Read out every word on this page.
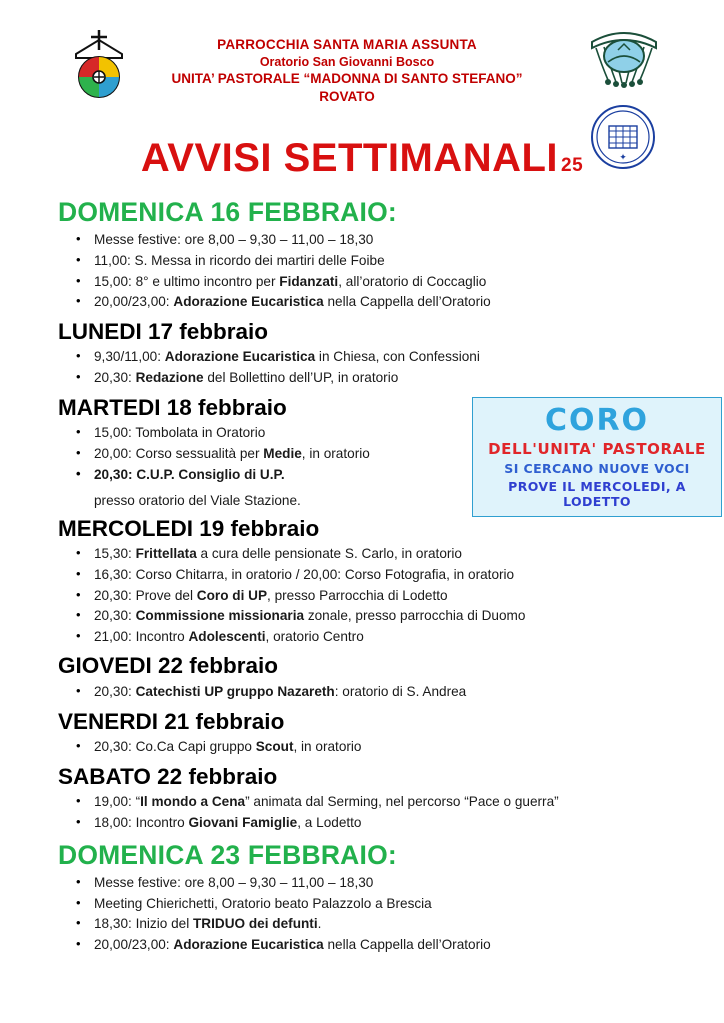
PARROCCHIA SANTA MARIA ASSUNTA
Oratorio San Giovanni Bosco
UNITA’ PASTORALE “MADONNA DI SANTO STEFANO”
ROVATO
✦
AVVISI SETTIMANALI 25
CORO
DELL'UNITA' PASTORALE
SI CERCANO NUOVE VOCI
PROVE IL MERCOLEDI, A LODETTO
DOMENICA 16 FEBBRAIO:
• Messe festive: ore 8,00 – 9,30 – 11,00 – 18,30
• 11,00: S. Messa in ricordo dei martiri delle Foibe
• 15,00: 8° e ultimo incontro per Fidanzati, all’oratorio di Coccaglio
• 20,00/23,00: Adorazione Eucaristica nella Cappella dell’Oratorio
LUNEDI 17 febbraio
• 9,30/11,00: Adorazione Eucaristica in Chiesa, con Confessioni
• 20,30: Redazione del Bollettino dell’UP, in oratorio
MARTEDI 18 febbraio
• 15,00: Tombolata in Oratorio
• 20,00: Corso sessualità per Medie, in oratorio
• 20,30: C.U.P. Consiglio di U.P.
presso oratorio del Viale Stazione.
MERCOLEDI 19 febbraio
• 15,30: Frittellata a cura delle pensionate S. Carlo, in oratorio
• 16,30: Corso Chitarra, in oratorio / 20,00: Corso Fotografia, in oratorio
• 20,30: Prove del Coro di UP, presso Parrocchia di Lodetto
• 20,30: Commissione missionaria zonale, presso parrocchia di Duomo
• 21,00: Incontro Adolescenti, oratorio Centro
GIOVEDI 22 febbraio
• 20,30: Catechisti UP gruppo Nazareth: oratorio di S. Andrea
VENERDI 21 febbraio
• 20,30: Co.Ca Capi gruppo Scout, in oratorio
SABATO 22 febbraio
• 19,00: “Il mondo a Cena” animata dal Serming, nel percorso “Pace o guerra”
• 18,00: Incontro Giovani Famiglie, a Lodetto
DOMENICA 23 FEBBRAIO:
• Messe festive: ore 8,00 – 9,30 – 11,00 – 18,30
• Meeting Chierichetti, Oratorio beato Palazzolo a Brescia
• 18,30: Inizio del TRIDUO dei defunti.
• 20,00/23,00: Adorazione Eucaristica nella Cappella dell’Oratorio
